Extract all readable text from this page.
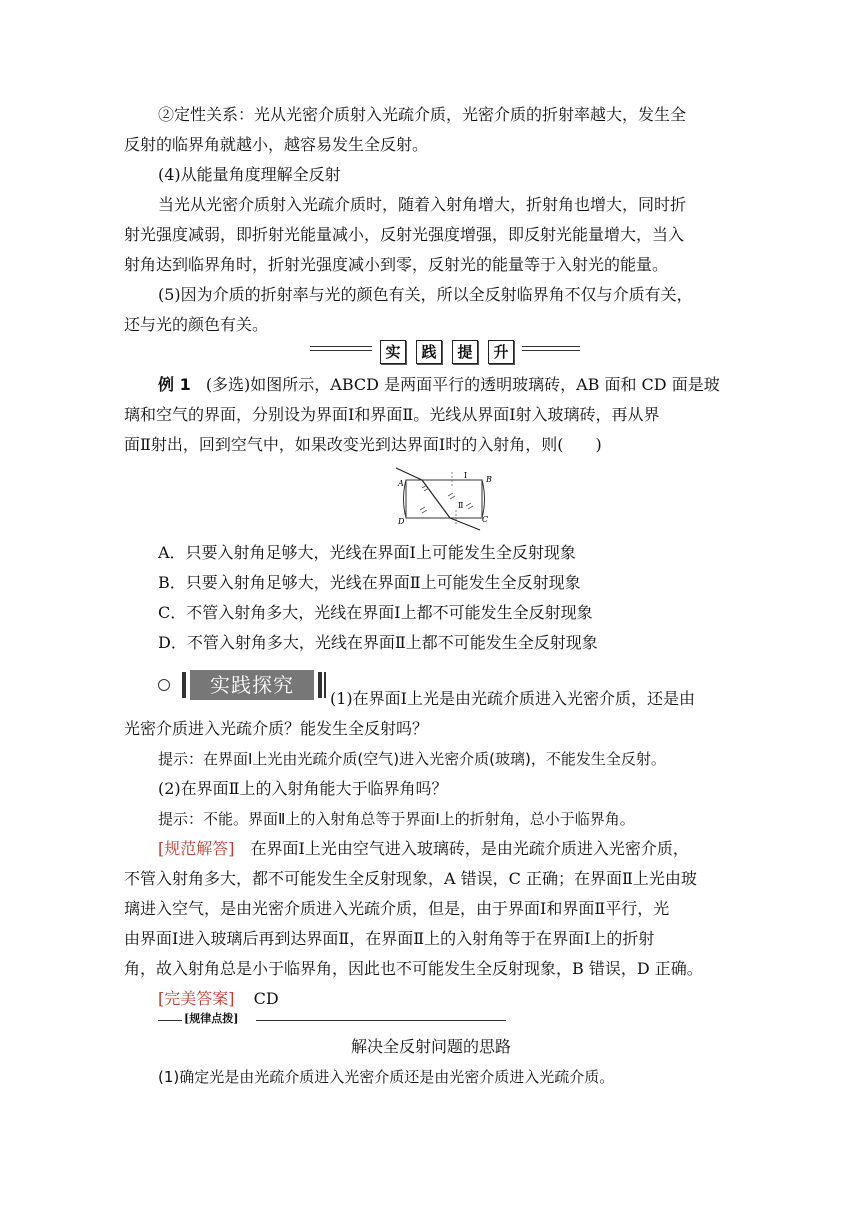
②定性关系：光从光密介质射入光疏介质，光密介质的折射率越大，发生全
反射的临界角就越小，越容易发生全反射。
(4)从能量角度理解全反射
当光从光密介质射入光疏介质时，随着入射角增大，折射角也增大，同时折
射光强度减弱，即折射光能量减小，反射光强度增强，即反射光能量增大，当入
射角达到临界角时，折射光强度减小到零，反射光的能量等于入射光的能量。
(5)因为介质的折射率与光的颜色有关，所以全反射临界角不仅与介质有关，
还与光的颜色有关。
实	践	提	升
例 1 (多选)如图所示，ABCD 是两面平行的透明玻璃砖，AB 面和 CD 面是玻
璃和空气的界面，分别设为界面Ⅰ和界面Ⅱ。光线从界面Ⅰ射入玻璃砖，再从界
面Ⅱ射出，回到空气中，如果改变光到达界面Ⅰ时的入射角，则(　　)
A	B
C
D
Ⅰ
Ⅱ
A．只要入射角足够大，光线在界面Ⅰ上可能发生全反射现象
B．只要入射角足够大，光线在界面Ⅱ上可能发生全反射现象
C．不管入射角多大，光线在界面Ⅰ上都不可能发生全反射现象
D．不管入射角多大，光线在界面Ⅱ上都不可能发生全反射现象
实践探究
(1)在界面Ⅰ上光是由光疏介质进入光密介质，还是由
光密介质进入光疏介质？能发生全反射吗？
提示：在界面Ⅰ上光由光疏介质(空气)进入光密介质(玻璃)，不能发生全反射。
(2)在界面Ⅱ上的入射角能大于临界角吗？
提示：不能。界面Ⅱ上的入射角总等于界面Ⅰ上的折射角，总小于临界角。
[规范解答]　在界面Ⅰ上光由空气进入玻璃砖，是由光疏介质进入光密介质，
不管入射角多大，都不可能发生全反射现象，A 错误，C 正确；在界面Ⅱ上光由玻
璃进入空气，是由光密介质进入光疏介质，但是，由于界面Ⅰ和界面Ⅱ平行，光
由界面Ⅰ进入玻璃后再到达界面Ⅱ，在界面Ⅱ上的入射角等于在界面Ⅰ上的折射
角，故入射角总是小于临界角，因此也不可能发生全反射现象，B 错误，D 正确。
[完美答案] CD
[规律点拨]
解决全反射问题的思路
(1)确定光是由光疏介质进入光密介质还是由光密介质进入光疏介质。
